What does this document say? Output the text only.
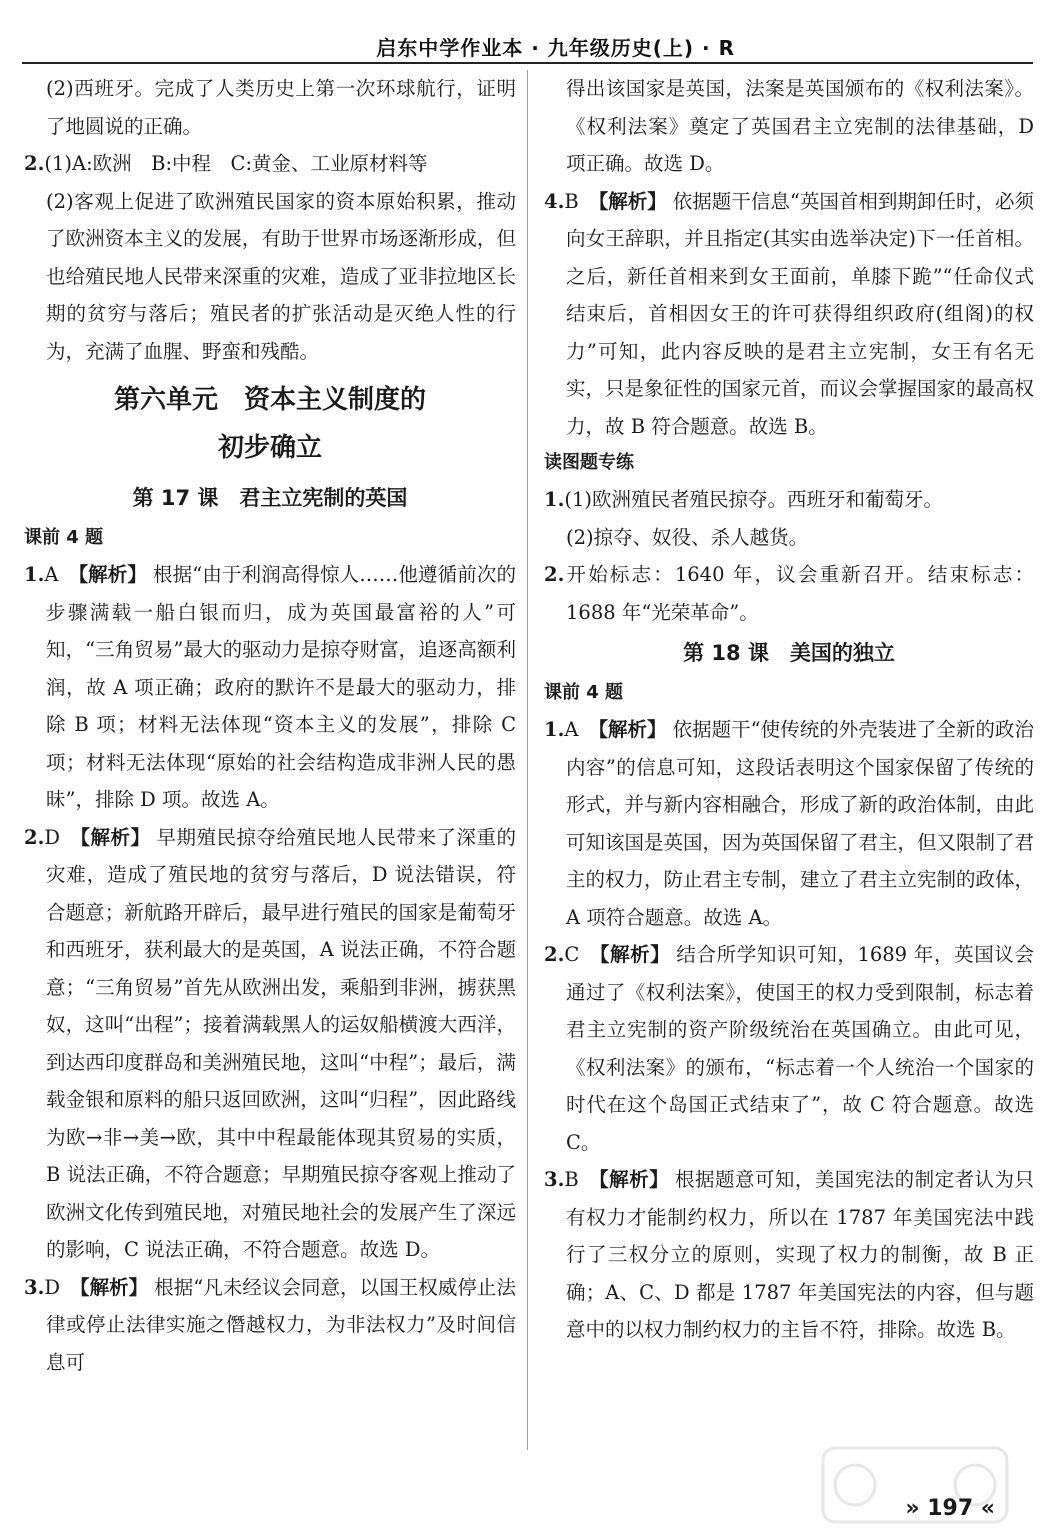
启东中学作业本 · 九年级历史(上) · R

(2)西班牙。完成了人类历史上第一次环球航行，证明了地圆说的正确。

2.(1)A:欧洲　B:中程　C:黄金、工业原材料等

(2)客观上促进了欧洲殖民国家的资本原始积累，推动了欧洲资本主义的发展，有助于世界市场逐渐形成，但也给殖民地人民带来深重的灾难，造成了亚非拉地区长期的贫穷与落后；殖民者的扩张活动是灭绝人性的行为，充满了血腥、野蛮和残酷。

第六单元　资本主义制度的
初步确立
第 17 课　君主立宪制的英国
课前 4 题

1.A 【解析】 根据“由于利润高得惊人……他遵循前次的步骤满载一船白银而归，成为英国最富裕的人”可知，“三角贸易”最大的驱动力是掠夺财富，追逐高额利润，故 A 项正确；政府的默许不是最大的驱动力，排除 B 项；材料无法体现“资本主义的发展”，排除 C 项；材料无法体现“原始的社会结构造成非洲人民的愚昧”，排除 D 项。故选 A。

2.D 【解析】 早期殖民掠夺给殖民地人民带来了深重的灾难，造成了殖民地的贫穷与落后，D 说法错误，符合题意；新航路开辟后，最早进行殖民的国家是葡萄牙和西班牙，获利最大的是英国，A 说法正确，不符合题意；“三角贸易”首先从欧洲出发，乘船到非洲，掳获黑奴，这叫“出程”；接着满载黑人的运奴船横渡大西洋，到达西印度群岛和美洲殖民地，这叫“中程”；最后，满载金银和原料的船只返回欧洲，这叫“归程”，因此路线为欧→非→美→欧，其中中程最能体现其贸易的实质，B 说法正确，不符合题意；早期殖民掠夺客观上推动了欧洲文化传到殖民地，对殖民地社会的发展产生了深远的影响，C 说法正确，不符合题意。故选 D。

3.D 【解析】 根据“凡未经议会同意，以国王权威停止法律或停止法律实施之僭越权力，为非法权力”及时间信息可

得出该国家是英国，法案是英国颁布的《权利法案》。《权利法案》奠定了英国君主立宪制的法律基础，D 项正确。故选 D。

4.B 【解析】 依据题干信息“英国首相到期卸任时，必须向女王辞职，并且指定(其实由选举决定)下一任首相。之后，新任首相来到女王面前，单膝下跪”“任命仪式结束后，首相因女王的许可获得组织政府(组阁)的权力”可知，此内容反映的是君主立宪制，女王有名无实，只是象征性的国家元首，而议会掌握国家的最高权力，故 B 符合题意。故选 B。

读图题专练

1.(1)欧洲殖民者殖民掠夺。西班牙和葡萄牙。

(2)掠夺、奴役、杀人越货。

2.开始标志：1640 年，议会重新召开。结束标志：1688 年“光荣革命”。

第 18 课　美国的独立
课前 4 题

1.A 【解析】 依据题干“使传统的外壳装进了全新的政治内容”的信息可知，这段话表明这个国家保留了传统的形式，并与新内容相融合，形成了新的政治体制，由此可知该国是英国，因为英国保留了君主，但又限制了君主的权力，防止君主专制，建立了君主立宪制的政体，A 项符合题意。故选 A。

2.C 【解析】 结合所学知识可知，1689 年，英国议会通过了《权利法案》，使国王的权力受到限制，标志着君主立宪制的资产阶级统治在英国确立。由此可见，《权利法案》的颁布，“标志着一个人统治一个国家的时代在这个岛国正式结束了”，故 C 符合题意。故选 C。

3.B 【解析】 根据题意可知，美国宪法的制定者认为只有权力才能制约权力，所以在 1787 年美国宪法中践行了三权分立的原则，实现了权力的制衡，故 B 正确；A、C、D 都是 1787 年美国宪法的内容，但与题意中的以权力制约权力的主旨不符，排除。故选 B。

» 197 «
